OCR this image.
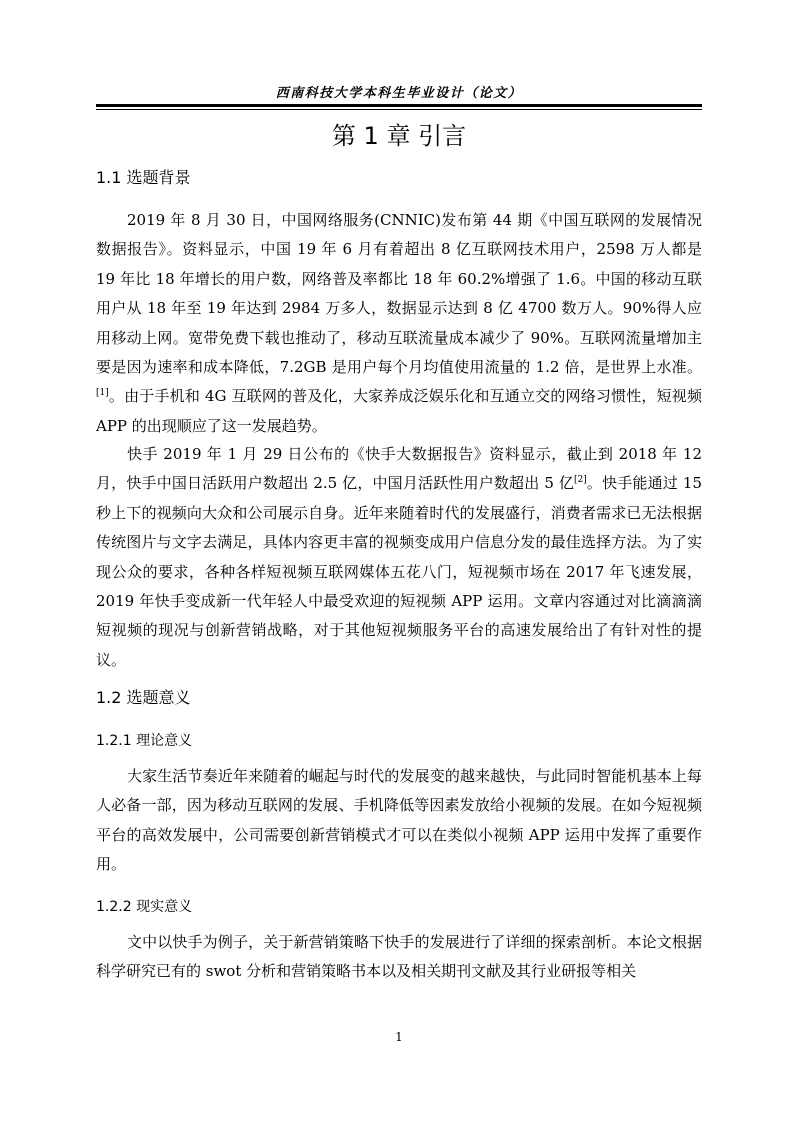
西南科技大学本科生毕业设计（论文）
第 1 章 引言
1.1 选题背景

2019 年 8 月 30 日，中国网络服务(CNNIC)发布第 44 期《中国互联网的发展情况数据报告》。资料显示，中国 19 年 6 月有着超出 8 亿互联网技术用户，2598 万人都是 19 年比 18 年增长的用户数，网络普及率都比 18 年 60.2%增强了 1.6。中国的移动互联用户从 18 年至 19 年达到 2984 万多人，数据显示达到 8 亿 4700 数万人。90%得人应用移动上网。宽带免费下载也推动了，移动互联流量成本减少了 90%。互联网流量增加主要是因为速率和成本降低，7.2GB 是用户每个月均值使用流量的 1.2 倍，是世界上水准。[1]。由于手机和 4G 互联网的普及化，大家养成泛娱乐化和互通立交的网络习惯性，短视频 APP 的出现顺应了这一发展趋势。

快手 2019 年 1 月 29 日公布的《快手大数据报告》资料显示，截止到 2018 年 12 月，快手中国日活跃用户数超出 2.5 亿，中国月活跃性用户数超出 5 亿[2]。快手能通过 15 秒上下的视频向大众和公司展示自身。近年来随着时代的发展盛行，消费者需求已无法根据传统图片与文字去满足，具体内容更丰富的视频变成用户信息分发的最佳选择方法。为了实现公众的要求，各种各样短视频互联网媒体五花八门，短视频市场在 2017 年飞速发展，2019 年快手变成新一代年轻人中最受欢迎的短视频 APP 运用。文章内容通过对比滴滴滴短视频的现况与创新营销战略，对于其他短视频服务平台的高速发展给出了有针对性的提议。

1.2 选题意义
1.2.1 理论意义

大家生活节奏近年来随着的崛起与时代的发展变的越来越快，与此同时智能机基本上每人必备一部，因为移动互联网的发展、手机降低等因素发放给小视频的发展。在如今短视频平台的高效发展中，公司需要创新营销模式才可以在类似小视频 APP 运用中发挥了重要作用。

1.2.2 现实意义

文中以快手为例子，关于新营销策略下快手的发展进行了详细的探索剖析。本论文根据科学研究已有的 swot 分析和营销策略书本以及相关期刊文献及其行业研报等相关

1
